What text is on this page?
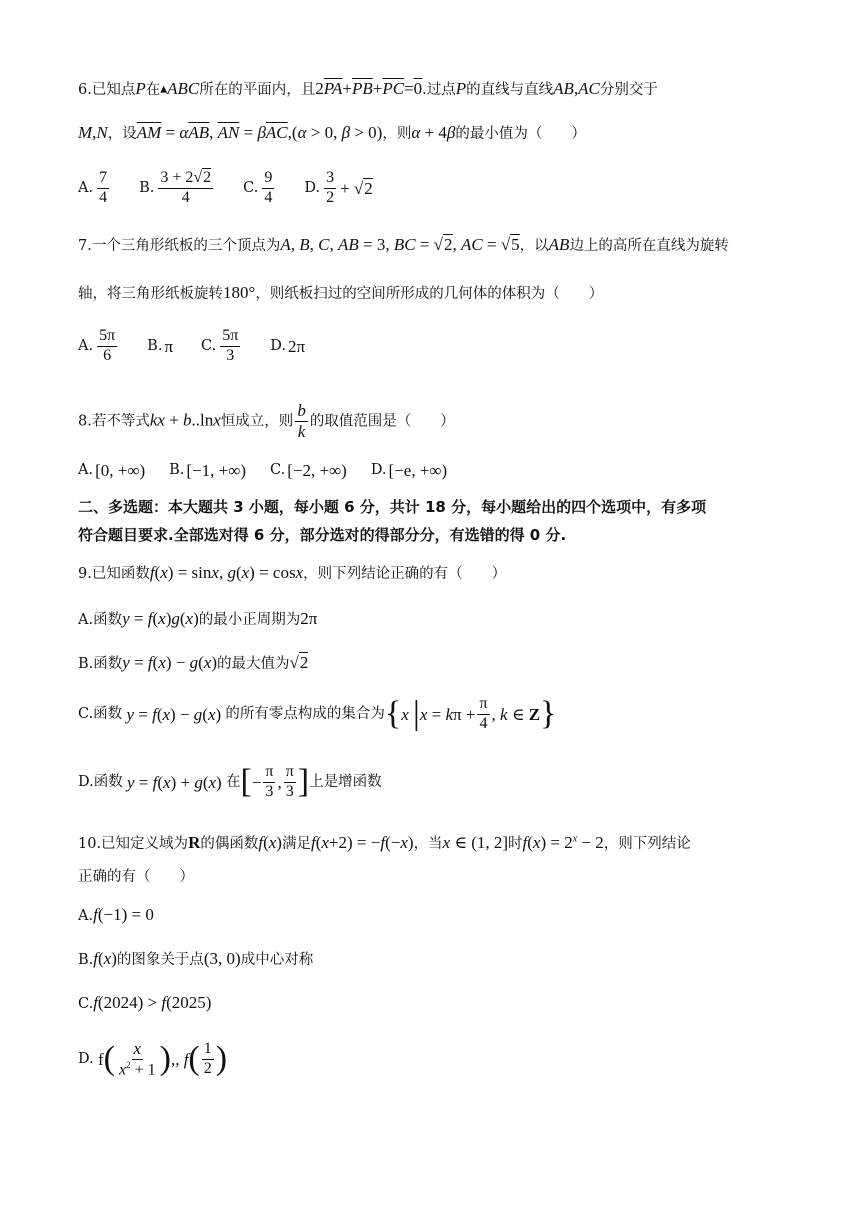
6.已知点P在▲ABC所在的平面内，且$2\overline{PA}+\overline{PB}+\overline{PC}=0$.过点P的直线与直线AB,AC分别交于
M,N，设$\overline{AM} = \alpha\overline{AB}$, $\overline{AN} = \beta\overline{AC},(\alpha > 0$, β > 0)，则α + 4β的最小值为（　　）
A. $\frac{7}{4} B$. $\frac{3 + 2√2}{4} C$. $\frac{9}{4} D$. $\frac{3}{2} + √2$
7.一个三角形纸板的三个顶点为A, B, C, AB = 3, BC = √2, AC = √5，以AB边上的高所在直线为旋转
轴，将三角形纸板旋转180°，则纸板扫过的空间所形成的几何体的体积为（　　）
A. $\frac{5\pi}{6} B$. π C. $\frac{5\pi}{3} D$. 2π
8.若不等式kx + b..lnx恒成立，则 $\frac{b}{k}$ 的取值范围是（　　）
A. [0, +∞) B. [−1, +∞) C. [−2, +∞) D. [−e, +∞)
二、多选题：本大题共 3 小题，每小题 6 分，共计 18 分，每小题给出的四个选项中，有多项
符合题目要求.全部选对得 6 分，部分选对的得部分分，有选错的得 0 分.
9.已知函数f(x) = sinx, g(x) = cosx，则下列结论正确的有（　　）
A.函数y = f(x)g(x)的最小正周期为2π
B.函数y = f(x) − g(x)的最大值为√2
C.函数 y = f(x) − g(x) 的所有零点构成的集合为 { x | $x = k\pi + \frac{\pi}{4}$ , k ∈ Z }
D.函数 y = f(x) + g(x) 在 [ − $\frac{\pi}{3}$ , $\frac{\pi}{3}$ ] 上是增函数
10.已知定义域为R的偶函数f(x)满足f(x+2) = −f(−x)，当x ∈ (1, 2]时$f(x) = 2^x - 2$，则下列结论
正确的有（　　）
A.f(−1) = 0
B.f(x)的图象关于点(3, 0)成中心对称
C.f(2024) > f(2025)
D. f ( $\frac{x}{x^2 + 1}$ ) ,, f ( $\frac{1}{2}$ )
